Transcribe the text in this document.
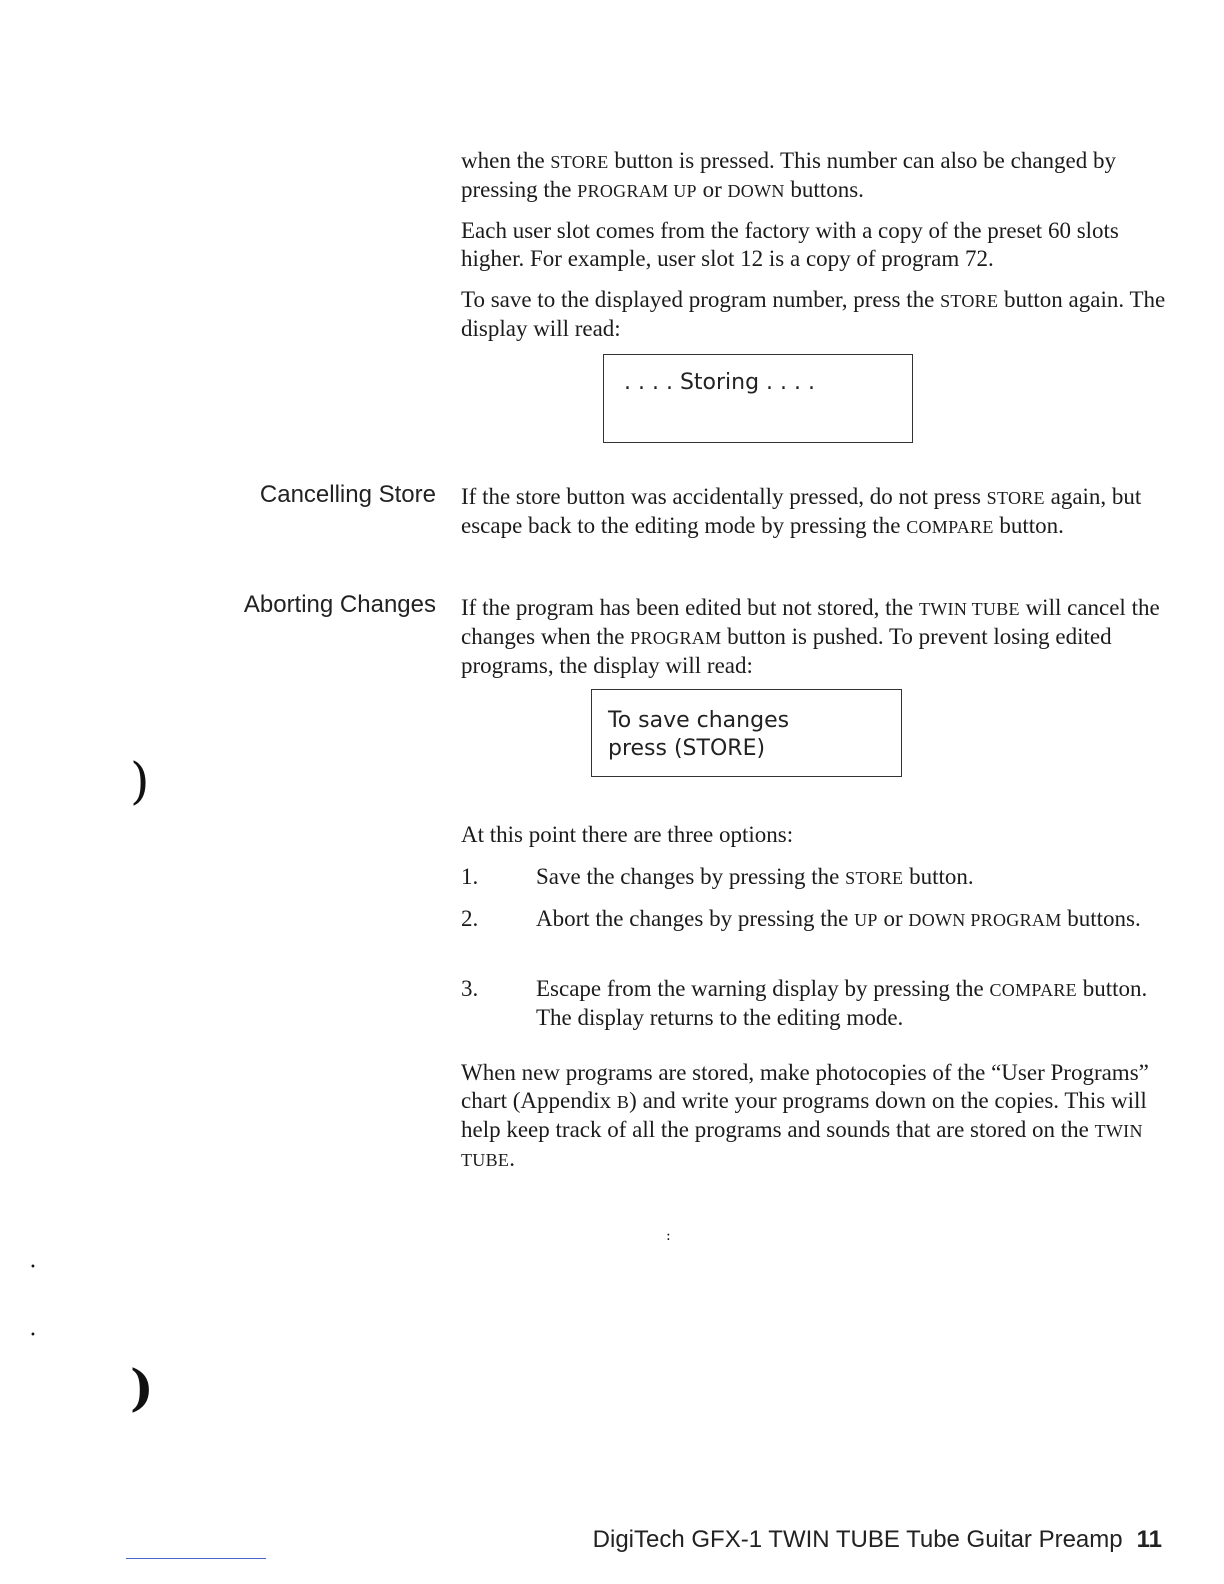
when the STORE button is pressed. This number can also be changed by pressing the PROGRAM UP or DOWN buttons.

Each user slot comes from the factory with a copy of the preset 60 slots higher. For example, user slot 12 is a copy of program 72.

To save to the displayed program number, press the STORE button again. The display will read:

. . . . Storing . . . .
Cancelling Store If the store button was accidentally pressed, do not press STORE again, but escape back to the editing mode by pressing the COMPARE button.

Aborting Changes If the program has been edited but not stored, the TWIN TUBE will cancel the changes when the PROGRAM button is pushed. To prevent losing edited programs, the display will read:

To save changes
press (STORE)

At this point there are three options:

1.	Save the changes by pressing the STORE button.

2.	Abort the changes by pressing the UP or DOWN PROGRAM buttons.

3.	Escape from the warning display by pressing the COMPARE button. The display returns to the editing mode.

When new programs are stored, make photocopies of the “User Programs” chart (Appendix B) and write your programs down on the copies. This will help keep track of all the programs and sounds that are stored on the TWIN TUBE.

)
)
•
•
:
DigiTech GFX-1 TWIN TUBE Tube Guitar Preamp 11
